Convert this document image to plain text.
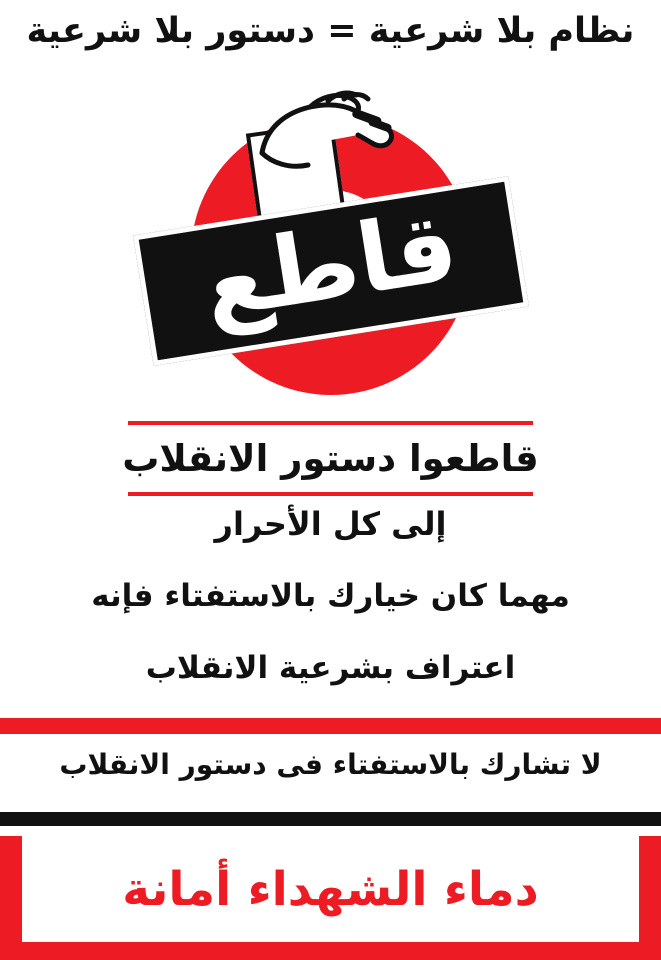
نظام بلا شرعية = دستور بلا شرعية
قاطع
قاطعوا دستور الانقلاب
إلى كل الأحرار
مهما كان خيارك بالاستفتاء فإنه
اعتراف بشرعية الانقلاب
لا تشارك بالاستفتاء فى دستور الانقلاب
دماء الشهداء أمانة
